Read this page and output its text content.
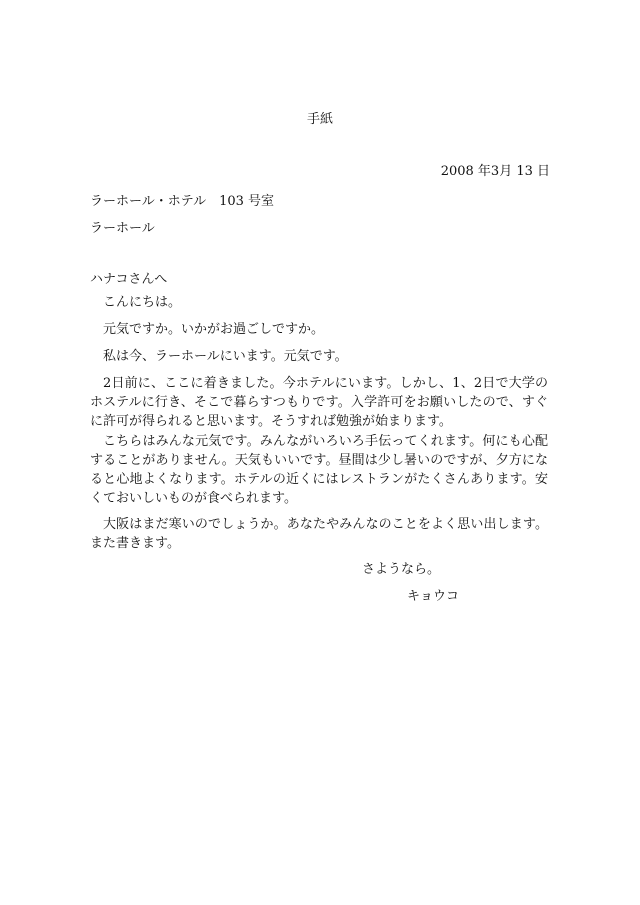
手紙
2008 年3月 13 日
ラーホール・ホテル　103 号室
ラーホール
ハナコさんへ

こんにちは。

元気ですか。いかがお過ごしですか。

私は今、ラーホールにいます。元気です。

2日前に、ここに着きました。今ホテルにいます。しかし、1、2日で大学のホステルに行き、そこで暮らすつもりです。入学許可をお願いしたので、すぐに許可が得られると思います。そうすれば勉強が始まります。

こちらはみんな元気です。みんながいろいろ手伝ってくれます。何にも心配することがありません。天気もいいです。昼間は少し暑いのですが、夕方になると心地よくなります。ホテルの近くにはレストランがたくさんあります。安くておいしいものが食べられます。

大阪はまだ寒いのでしょうか。あなたやみんなのことをよく思い出します。また書きます。

さようなら。
キョウコ
